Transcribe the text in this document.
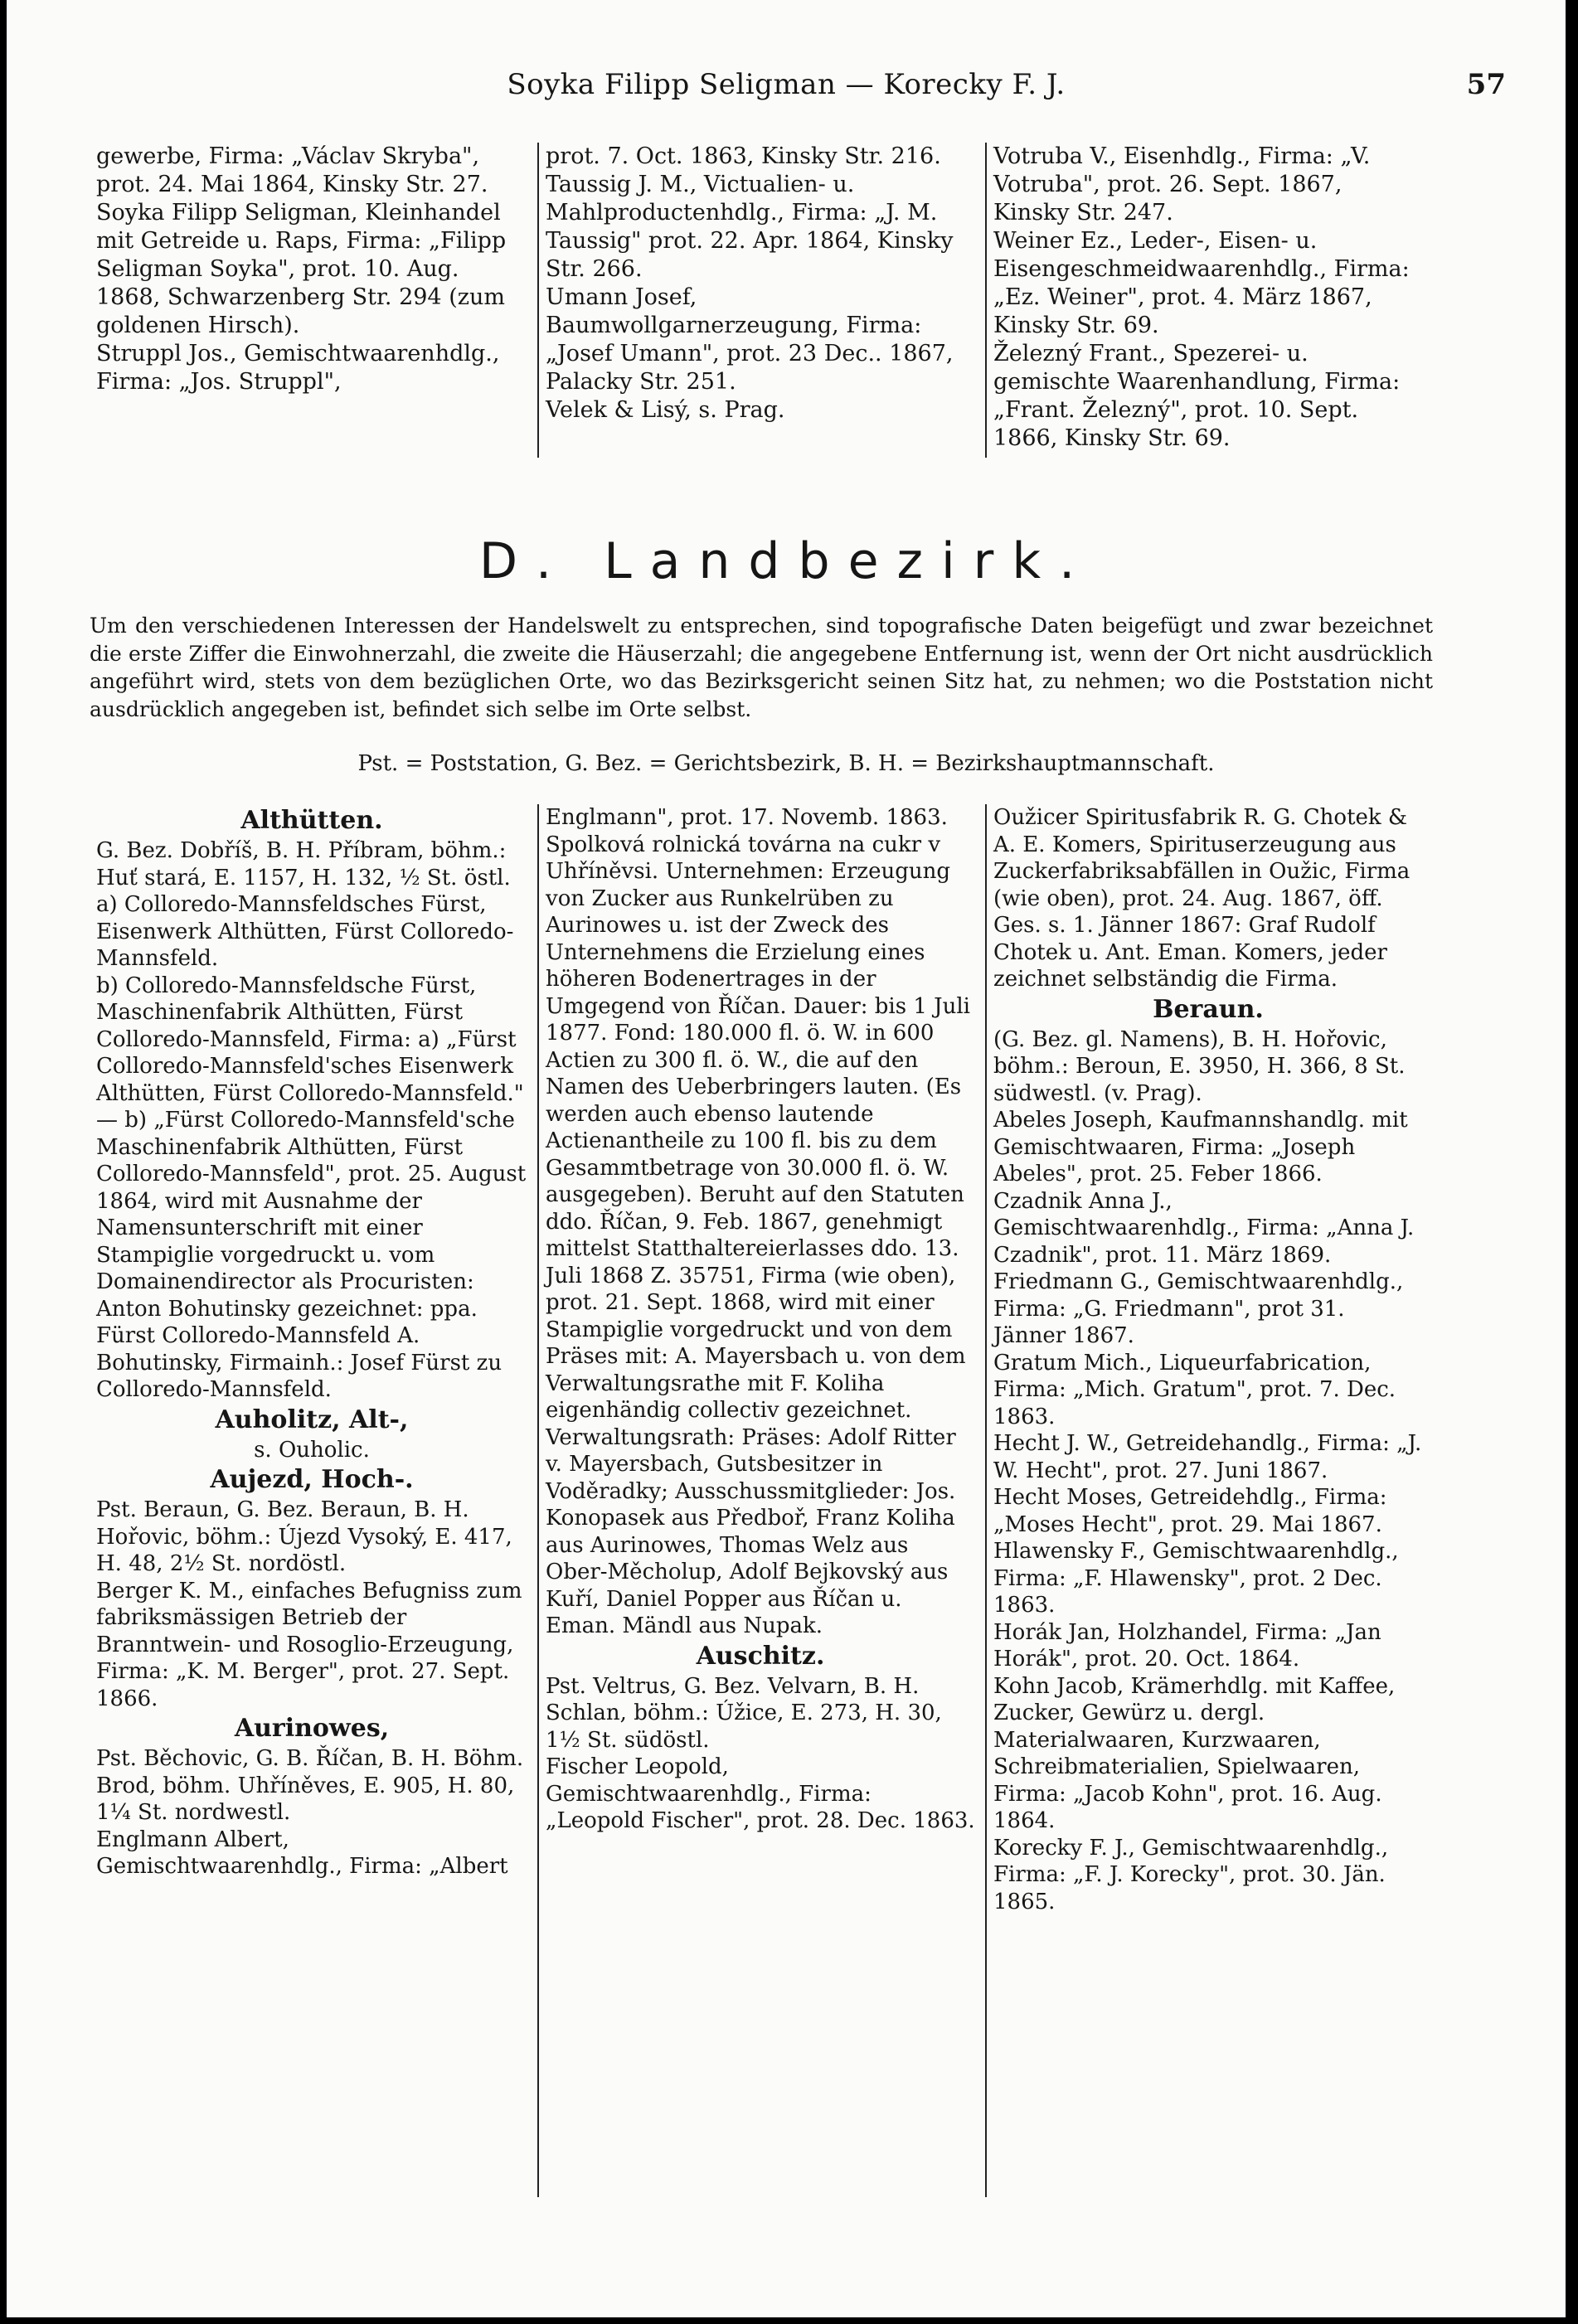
Soyka Filipp Seligman — Korecky F. J.	57

gewerbe, Firma: „Václav Skryba", prot. 24. Mai 1864, Kinsky Str. 27.

Soyka Filipp Seligman, Kleinhandel mit Getreide u. Raps, Firma: „Filipp Seligman Soyka", prot. 10. Aug. 1868, Schwarzenberg Str. 294 (zum goldenen Hirsch).

Struppl Jos., Gemischtwaarenhdlg., Firma: „Jos. Struppl",

prot. 7. Oct. 1863, Kinsky Str. 216.

Taussig J. M., Victualien- u. Mahlproductenhdlg., Firma: „J. M. Taussig" prot. 22. Apr. 1864, Kinsky Str. 266.

Umann Josef, Baumwollgarnerzeugung, Firma: „Josef Umann", prot. 23 Dec.. 1867, Palacky Str. 251.

Velek & Lisý, s. Prag.

Votruba V., Eisenhdlg., Firma: „V. Votruba", prot. 26. Sept. 1867, Kinsky Str. 247.

Weiner Ez., Leder-, Eisen- u. Eisengeschmeidwaarenhdlg., Firma: „Ez. Weiner", prot. 4. März 1867, Kinsky Str. 69.

Železný Frant., Spezerei- u. gemischte Waarenhandlung, Firma: „Frant. Železný", prot. 10. Sept. 1866, Kinsky Str. 69.

D. Landbezirk.
Um den verschiedenen Interessen der Handelswelt zu entsprechen, sind topografische Daten beigefügt und zwar bezeichnet die erste Ziffer die Einwohnerzahl, die zweite die Häuserzahl; die angegebene Entfernung ist, wenn der Ort nicht ausdrücklich angeführt wird, stets von dem bezüglichen Orte, wo das Bezirksgericht seinen Sitz hat, zu nehmen; wo die Poststation nicht ausdrücklich angegeben ist, befindet sich selbe im Orte selbst.
Pst. = Poststation, G. Bez. = Gerichtsbezirk, B. H. = Bezirkshauptmannschaft.
Althütten.

G. Bez. Dobříš, B. H. Příbram, böhm.: Huť stará, E. 1157, H. 132, ½ St. östl.

a) Colloredo-Mannsfeldsches Fürst, Eisenwerk Althütten, Fürst Colloredo-Mannsfeld.

b) Colloredo-Mannsfeldsche Fürst, Maschinenfabrik Althütten, Fürst Colloredo-Mannsfeld, Firma: a) „Fürst Colloredo-Mannsfeld'sches Eisenwerk Althütten, Fürst Colloredo-Mannsfeld." — b) „Fürst Colloredo-Mannsfeld'sche Maschinenfabrik Althütten, Fürst Colloredo-Mannsfeld", prot. 25. August 1864, wird mit Ausnahme der Namensunterschrift mit einer Stampiglie vorgedruckt u. vom Domainendirector als Procuristen: Anton Bohutinsky gezeichnet: ppa. Fürst Colloredo-Mannsfeld A. Bohutinsky, Firmainh.: Josef Fürst zu Colloredo-Mannsfeld.

Auholitz, Alt-,

s. Ouholic.

Aujezd, Hoch-.

Pst. Beraun, G. Bez. Beraun, B. H. Hořovic, böhm.: Újezd Vysoký, E. 417, H. 48, 2½ St. nordöstl.

Berger K. M., einfaches Befugniss zum fabriksmässigen Betrieb der Branntwein- und Rosoglio-Erzeugung, Firma: „K. M. Berger", prot. 27. Sept. 1866.

Aurinowes,

Pst. Běchovic, G. B. Říčan, B. H. Böhm. Brod, böhm. Uhříněves, E. 905, H. 80, 1¼ St. nordwestl.

Englmann Albert, Gemischtwaarenhdlg., Firma: „Albert

Englmann", prot. 17. Novemb. 1863.

Spolková rolnická továrna na cukr v Uhříněvsi. Unternehmen: Erzeugung von Zucker aus Runkelrüben zu Aurinowes u. ist der Zweck des Unternehmens die Erzielung eines höheren Bodenertrages in der Umgegend von Říčan. Dauer: bis 1 Juli 1877. Fond: 180.000 fl. ö. W. in 600 Actien zu 300 fl. ö. W., die auf den Namen des Ueberbringers lauten. (Es werden auch ebenso lautende Actienantheile zu 100 fl. bis zu dem Gesammtbetrage von 30.000 fl. ö. W. ausgegeben). Beruht auf den Statuten ddo. Říčan, 9. Feb. 1867, genehmigt mittelst Statthaltereierlasses ddo. 13. Juli 1868 Z. 35751, Firma (wie oben), prot. 21. Sept. 1868, wird mit einer Stampiglie vorgedruckt und von dem Präses mit: A. Mayersbach u. von dem Verwaltungsrathe mit F. Koliha eigenhändig collectiv gezeichnet. Verwaltungsrath: Präses: Adolf Ritter v. Mayersbach, Gutsbesitzer in Voděradky; Ausschussmitglieder: Jos. Konopasek aus Předboř, Franz Koliha aus Aurinowes, Thomas Welz aus Ober-Měcholup, Adolf Bejkovský aus Kuří, Daniel Popper aus Říčan u. Eman. Mändl aus Nupak.

Auschitz.

Pst. Veltrus, G. Bez. Velvarn, B. H. Schlan, böhm.: Úžice, E. 273, H. 30, 1½ St. südöstl.

Fischer Leopold, Gemischtwaarenhdlg., Firma: „Leopold Fischer", prot. 28. Dec. 1863.

Oužicer Spiritusfabrik R. G. Chotek & A. E. Komers, Spirituserzeugung aus Zuckerfabriksabfällen in Oužic, Firma (wie oben), prot. 24. Aug. 1867, öff. Ges. s. 1. Jänner 1867: Graf Rudolf Chotek u. Ant. Eman. Komers, jeder zeichnet selbständig die Firma.

Beraun.

(G. Bez. gl. Namens), B. H. Hořovic, böhm.: Beroun, E. 3950, H. 366, 8 St. südwestl. (v. Prag).

Abeles Joseph, Kaufmannshandlg. mit Gemischtwaaren, Firma: „Joseph Abeles", prot. 25. Feber 1866.

Czadnik Anna J., Gemischtwaarenhdlg., Firma: „Anna J. Czadnik", prot. 11. März 1869.

Friedmann G., Gemischtwaarenhdlg., Firma: „G. Friedmann", prot 31. Jänner 1867.

Gratum Mich., Liqueurfabrication, Firma: „Mich. Gratum", prot. 7. Dec. 1863.

Hecht J. W., Getreidehandlg., Firma: „J. W. Hecht", prot. 27. Juni 1867.

Hecht Moses, Getreidehdlg., Firma: „Moses Hecht", prot. 29. Mai 1867.

Hlawensky F., Gemischtwaarenhdlg., Firma: „F. Hlawensky", prot. 2 Dec. 1863.

Horák Jan, Holzhandel, Firma: „Jan Horák", prot. 20. Oct. 1864.

Kohn Jacob, Krämerhdlg. mit Kaffee, Zucker, Gewürz u. dergl. Materialwaaren, Kurzwaaren, Schreibmaterialien, Spielwaaren, Firma: „Jacob Kohn", prot. 16. Aug. 1864.

Korecky F. J., Gemischtwaarenhdlg., Firma: „F. J. Korecky", prot. 30. Jän. 1865.
